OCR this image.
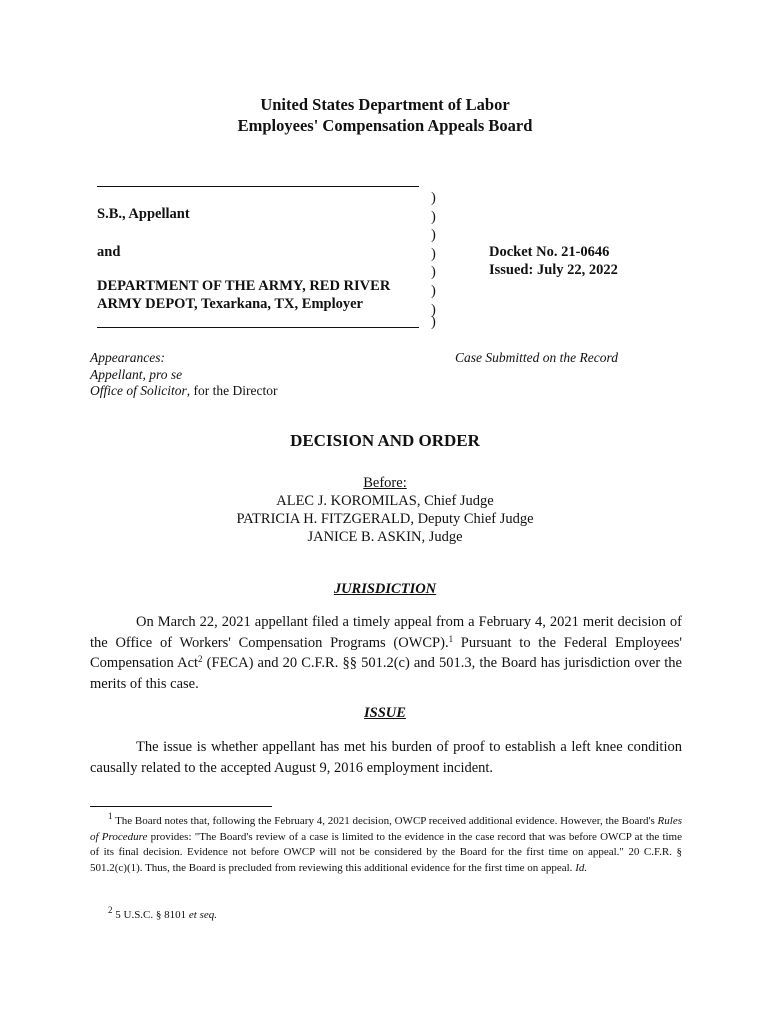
United States Department of Labor
Employees' Compensation Appeals Board
S.B., Appellant
and
DEPARTMENT OF THE ARMY, RED RIVER
ARMY DEPOT, Texarkana, TX, Employer
)
)
)
)
)
)
)
)
Docket No. 21-0646
Issued: July 22, 2022
Appearances:
Appellant, pro se
Office of Solicitor, for the Director
Case Submitted on the Record
DECISION AND ORDER
Before:
ALEC J. KOROMILAS, Chief Judge
PATRICIA H. FITZGERALD, Deputy Chief Judge
JANICE B. ASKIN, Judge
JURISDICTION
On March 22, 2021 appellant filed a timely appeal from a February 4, 2021 merit decision of the Office of Workers' Compensation Programs (OWCP).$^1$ Pursuant to the Federal Employees' Compensation Act$^2$ (FECA) and 20 C.F.R. §§ 501.2(c) and 501.3, the Board has jurisdiction over the merits of this case.
ISSUE
The issue is whether appellant has met his burden of proof to establish a left knee condition causally related to the accepted August 9, 2016 employment incident.
$^1$ The Board notes that, following the February 4, 2021 decision, OWCP received additional evidence. However, the Board's Rules of Procedure provides: "The Board's review of a case is limited to the evidence in the case record that was before OWCP at the time of its final decision. Evidence not before OWCP will not be considered by the Board for the first time on appeal." 20 C.F.R. § 501.2(c)(1). Thus, the Board is precluded from reviewing this additional evidence for the first time on appeal. Id.
$^2$ 5 U.S.C. § 8101 et seq.
